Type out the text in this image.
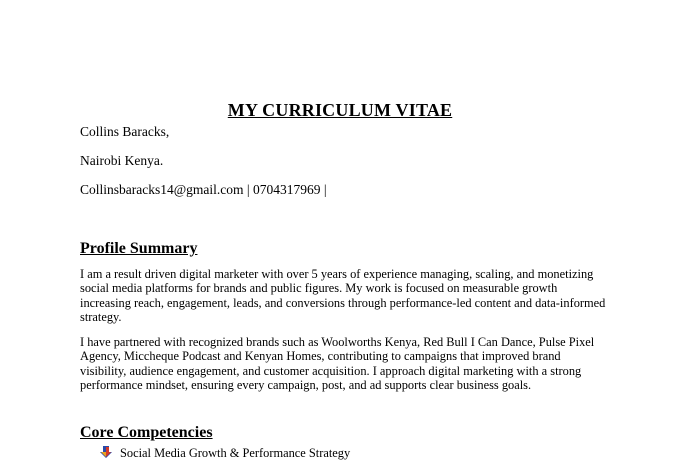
MY CURRICULUM VITAE
Collins Baracks,
Nairobi Kenya.
Collinsbaracks14@gmail.com | 0704317969 |
Profile Summary
I am a result driven digital marketer with over 5 years of experience managing, scaling, and monetizing
social media platforms for brands and public figures. My work is focused on measurable growth
increasing reach, engagement, leads, and conversions through performance-led content and data-informed
strategy.
I have partnered with recognized brands such as Woolworths Kenya, Red Bull I Can Dance, Pulse Pixel
Agency, Miccheque Podcast and Kenyan Homes, contributing to campaigns that improved brand
visibility, audience engagement, and customer acquisition. I approach digital marketing with a strong
performance mindset, ensuring every campaign, post, and ad supports clear business goals.
Core Competencies
Social Media Growth & Performance Strategy
